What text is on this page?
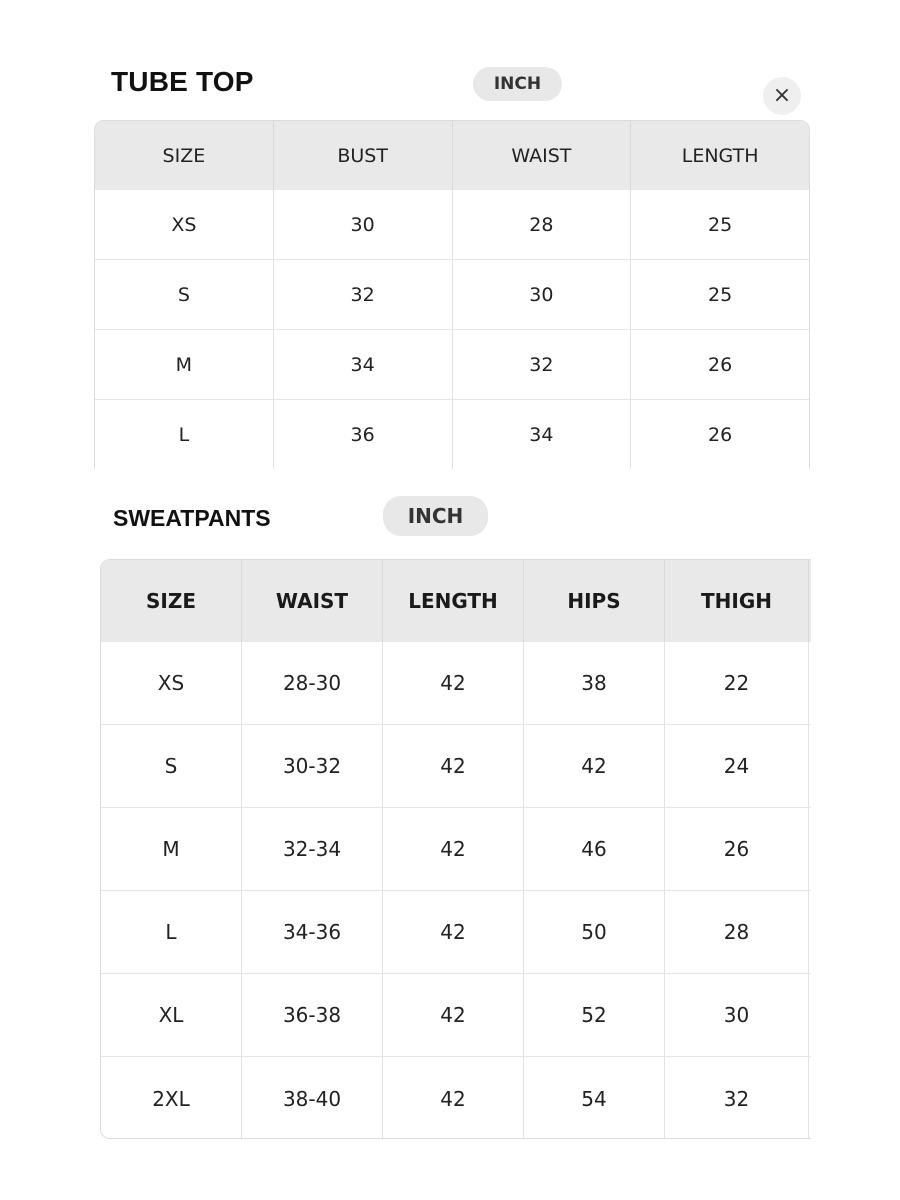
TUBE TOP	INCH	×
SIZE	BUST	WAIST	LENGTH
XS	30	28	25
S	32	30	25
M	34	32	26
L	36	34	26
SWEATPANTS	INCH
SIZE	WAIST	LENGTH	HIPS	THIGH
XS	28-30	42	38	22
S	30-32	42	42	24
M	32-34	42	46	26
L	34-36	42	50	28
XL	36-38	42	52	30
2XL	38-40	42	54	32
